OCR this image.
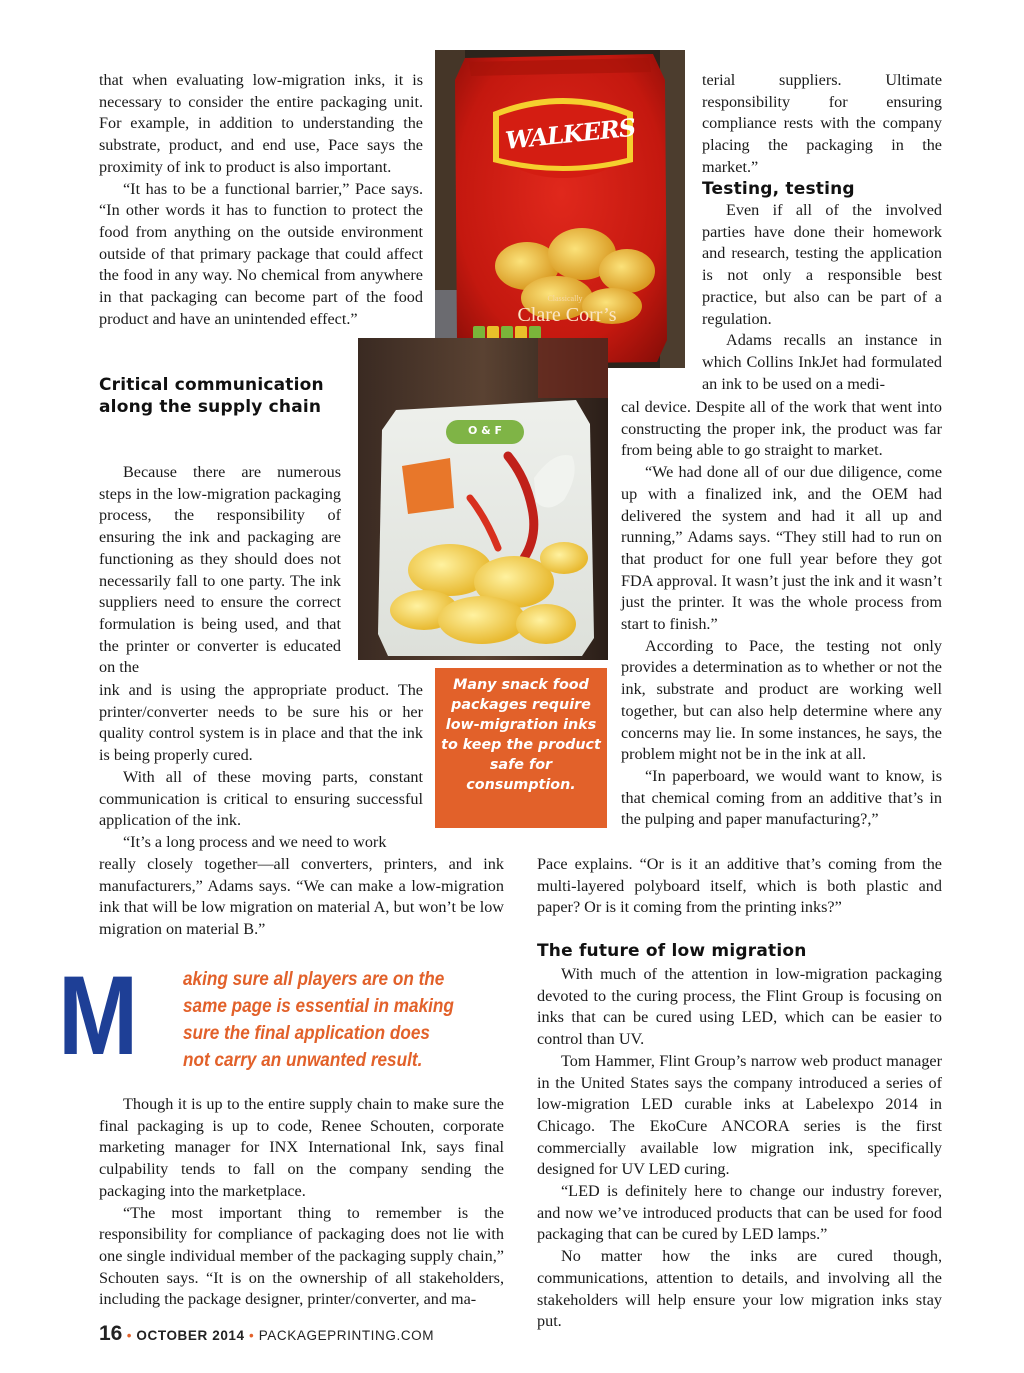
WALKERS
Classically
Clare Corr’s
O & F
Many snack food packages require low-migration inks to keep the product safe for consumption.

that when evaluating low-migration inks, it is necessary to consider the entire packaging unit. For example, in addition to understanding the substrate, product, and end use, Pace says the proximity of ink to product is also important.

“It has to be a functional barrier,” Pace says. “In other words it has to function to protect the food from anything on the outside environment outside of that primary package that could affect the food in any way. No chemical from anywhere in that packaging can become part of the food product and have an unintended effect.”

Critical communication along the supply chain

Because there are numerous steps in the low-migration packaging process, the responsibility of ensuring the ink and packaging are functioning as they should does not necessarily fall to one party. The ink suppliers need to ensure the correct formulation is being used, and that the printer or converter is educated on the

ink and is using the appropriate product. The printer/converter needs to be sure his or her quality control system is in place and that the ink is being properly cured.

With all of these moving parts, constant communication is critical to ensuring successful application of the ink.

“It’s a long process and we need to work

really closely together—all converters, printers, and ink manufacturers,” Adams says. “We can make a low-migration ink that will be low migration on material A, but won’t be low migration on material B.”

M aking sure all players are on the
same page is essential in making
sure the final application does
not carry an unwanted result.

Though it is up to the entire supply chain to make sure the final packaging is up to code, Renee Schouten, corporate marketing manager for INX International Ink, says final culpability tends to fall on the company sending the packaging into the marketplace.

“The most important thing to remember is the responsibility for compliance of packaging does not lie with one single individual member of the packaging supply chain,” Schouten says. “It is on the ownership of all stakeholders, including the package designer, printer/converter, and ma-

terial suppliers. Ultimate responsibility for ensuring compliance rests with the company placing the packaging in the market.”

Testing, testing

Even if all of the involved parties have done their homework and research, testing the application is not only a responsible best practice, but also can be part of a regulation.

Adams recalls an instance in which Collins InkJet had formulated an ink to be used on a medi-

cal device. Despite all of the work that went into constructing the proper ink, the product was far from being able to go straight to market.

“We had done all of our due diligence, come up with a finalized ink, and the OEM had delivered the system and had it all up and running,” Adams says. “They still had to run on that product for one full year before they got FDA approval. It wasn’t just the ink and it wasn’t just the printer. It was the whole process from start to finish.”

According to Pace, the testing not only provides a determination as to whether or not the ink, substrate and product are working well together, but can also help determine where any concerns may lie. In some instances, he says, the problem might not be in the ink at all.

“In paperboard, we would want to know, is that chemical coming from an additive that’s in the pulping and paper manufacturing?,”

Pace explains. “Or is it an additive that’s coming from the multi-layered polyboard itself, which is both plastic and paper? Or is it coming from the printing inks?”

The future of low migration

With much of the attention in low-migration packaging devoted to the curing process, the Flint Group is focusing on inks that can be cured using LED, which can be easier to control than UV.

Tom Hammer, Flint Group’s narrow web product manager in the United States says the company introduced a series of low-migration LED curable inks at Labelexpo 2014 in Chicago. The EkoCure ANCORA series is the first commercially available low migration ink, specifically designed for UV LED curing.

“LED is definitely here to change our industry forever, and now we’ve introduced products that can be used for food packaging that can be cured by LED lamps.”

No matter how the inks are cured though, communications, attention to details, and involving all the stakeholders will help ensure your low migration inks stay put.

16 • OCTOBER 2014 • PACKAGEPRINTING.COM
